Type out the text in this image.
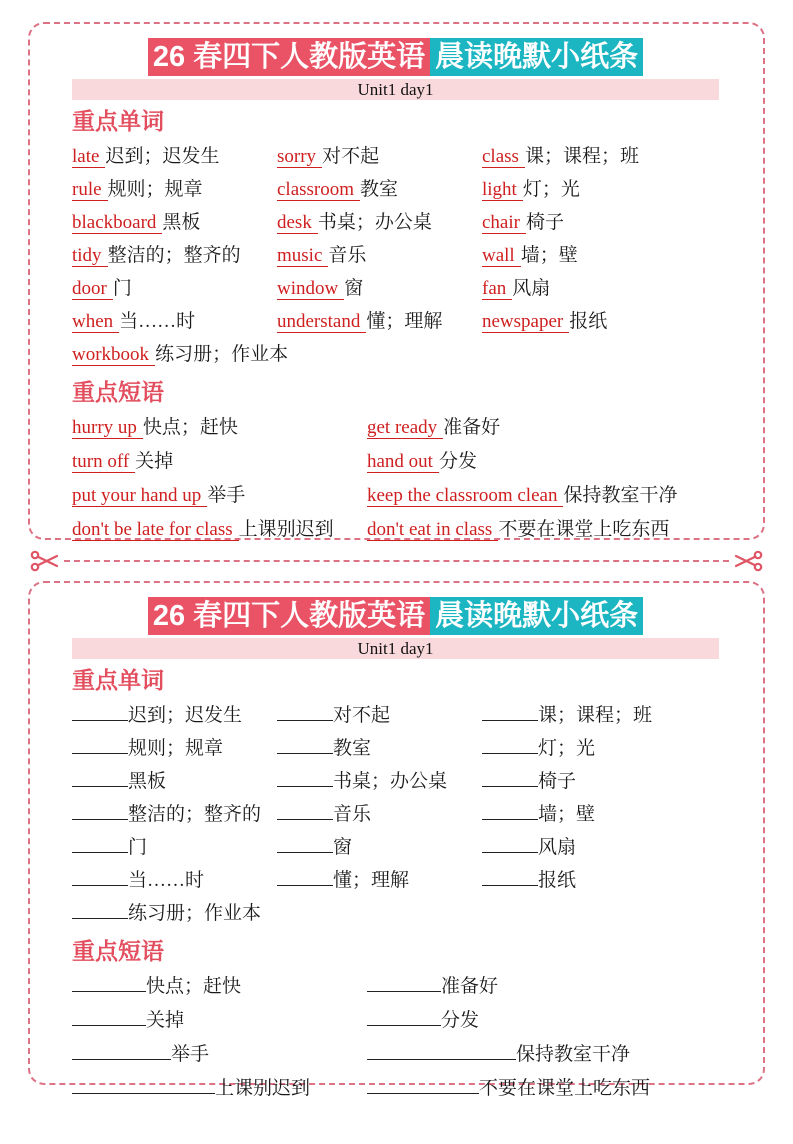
26 春四下人教版英语 晨读晚默小纸条
Unit1 day1
重点单词
late 迟到；迟发生	sorry 对不起	class 课；课程；班
rule 规则；规章	classroom 教室	light 灯；光
blackboard 黑板	desk 书桌；办公桌	chair 椅子
tidy 整洁的；整齐的	music 音乐	wall 墙；壁
door 门	window 窗	fan 风扇
when 当……时	understand 懂；理解	newspaper 报纸
workbook 练习册；作业本
重点短语
hurry up 快点；赶快	get ready 准备好
turn off 关掉	hand out 分发
put your hand up 举手	keep the classroom clean 保持教室干净
don't be late for class 上课别迟到	don't eat in class 不要在课堂上吃东西
26 春四下人教版英语 晨读晚默小纸条
Unit1 day1
重点单词
迟到；迟发生	对不起	课；课程；班
规则；规章	教室	灯；光
黑板	书桌；办公桌	椅子
整洁的；整齐的	音乐	墙；壁
门	窗	风扇
当……时	懂；理解	报纸
练习册；作业本
重点短语
快点；赶快	准备好
关掉	分发
举手	保持教室干净
上课别迟到	不要在课堂上吃东西
